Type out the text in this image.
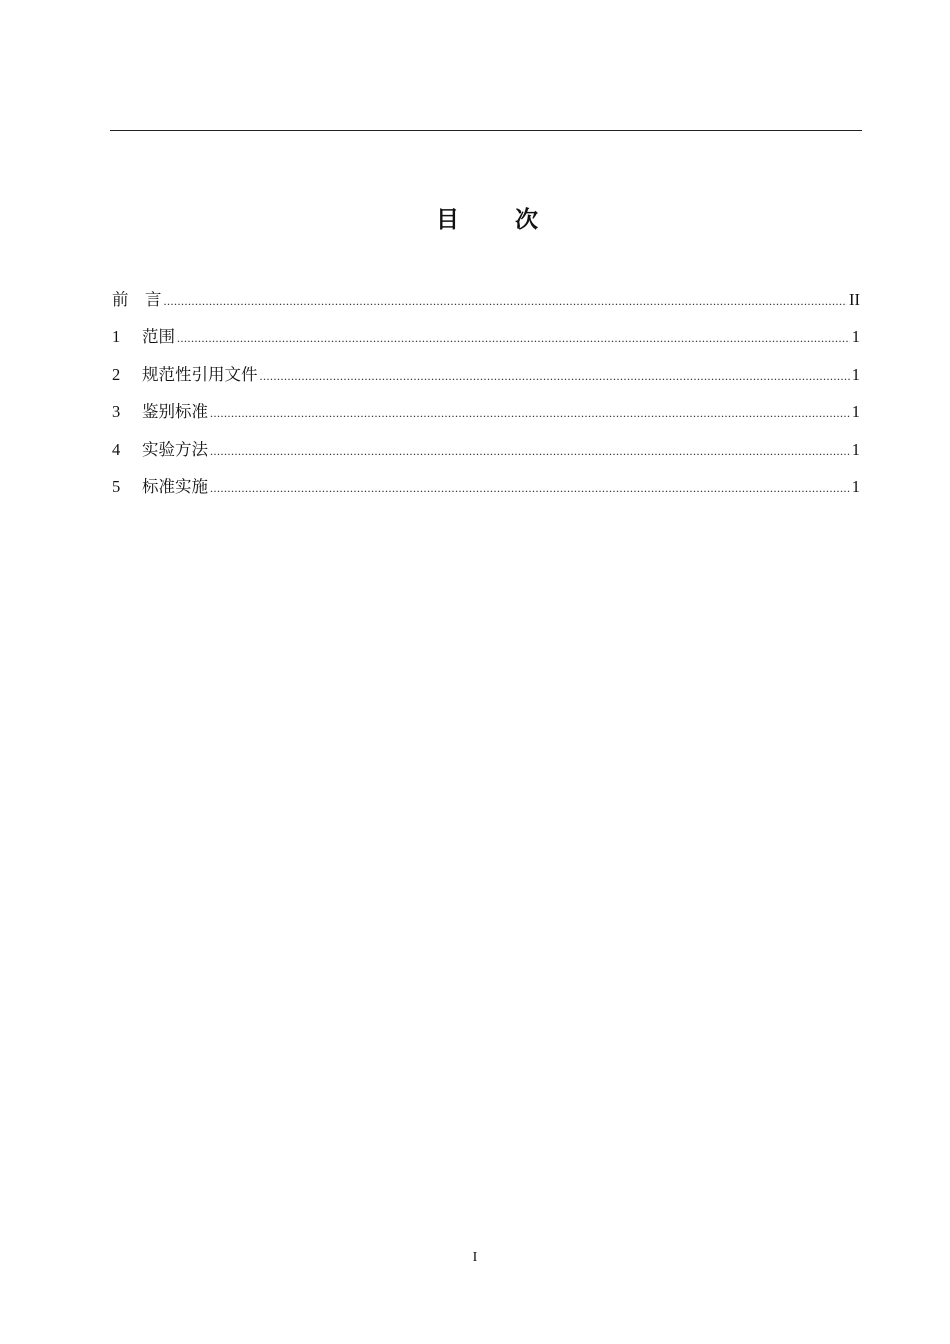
目 次
前    言 .....	II
1	范围 .....	1
2	规范性引用文件 .....	1
3	鉴别标准 .....	1
4	实验方法 .....	1
5	标准实施 .....	1
I
